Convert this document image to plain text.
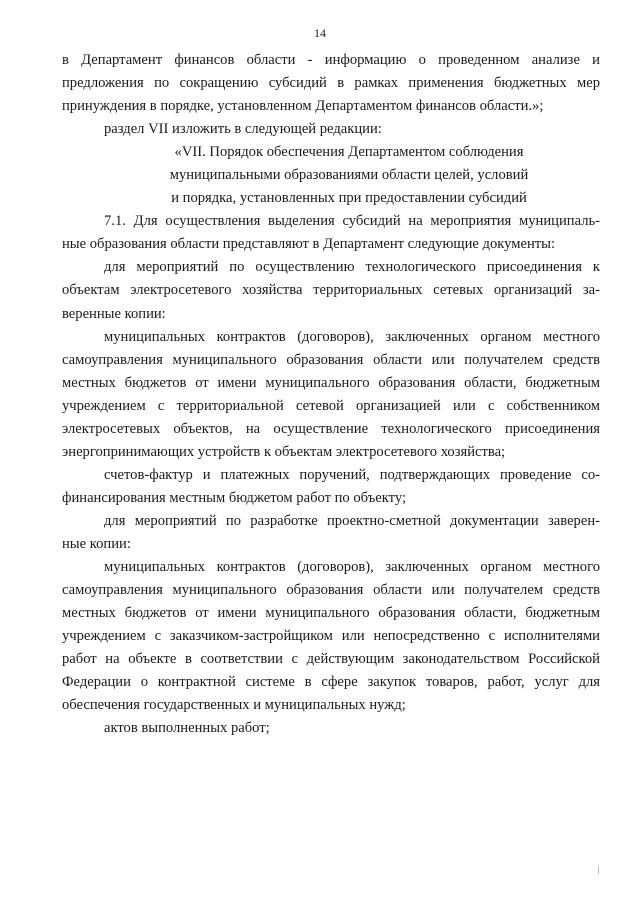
14
в Департамент финансов области - информацию о проведенном анализе и
предложения по сокращению субсидий в рамках применения бюджетных мер
принуждения в порядке, установленном Департаментом финансов области.»;
раздел VII изложить в следующей редакции:
«VII. Порядок обеспечения Департаментом соблюдения
муниципальными образованиями области целей, условий
и порядка, установленных при предоставлении субсидий
7.1. Для осуществления выделения субсидий на мероприятия муниципаль-
ные образования области представляют в Департамент следующие документы:
для мероприятий по осуществлению технологического присоединения к
объектам электросетевого хозяйства территориальных сетевых организаций за-
веренные копии:
муниципальных контрактов (договоров), заключенных органом местного
самоуправления муниципального образования области или получателем средств
местных бюджетов от имени муниципального образования области, бюджетным
учреждением с территориальной сетевой организацией или с собственником
электросетевых объектов, на осуществление технологического присоединения
энергопринимающих устройств к объектам электросетевого хозяйства;
счетов-фактур и платежных поручений, подтверждающих проведение со-
финансирования местным бюджетом работ по объекту;
для мероприятий по разработке проектно-сметной документации заверен-
ные копии:
муниципальных контрактов (договоров), заключенных органом местного
самоуправления муниципального образования области или получателем средств
местных бюджетов от имени муниципального образования области, бюджетным
учреждением с заказчиком-застройщиком или непосредственно с исполнителями
работ на объекте в соответствии с действующим законодательством Российской
Федерации о контрактной системе в сфере закупок товаров, работ, услуг для
обеспечения государственных и муниципальных нужд;
актов выполненных работ;
